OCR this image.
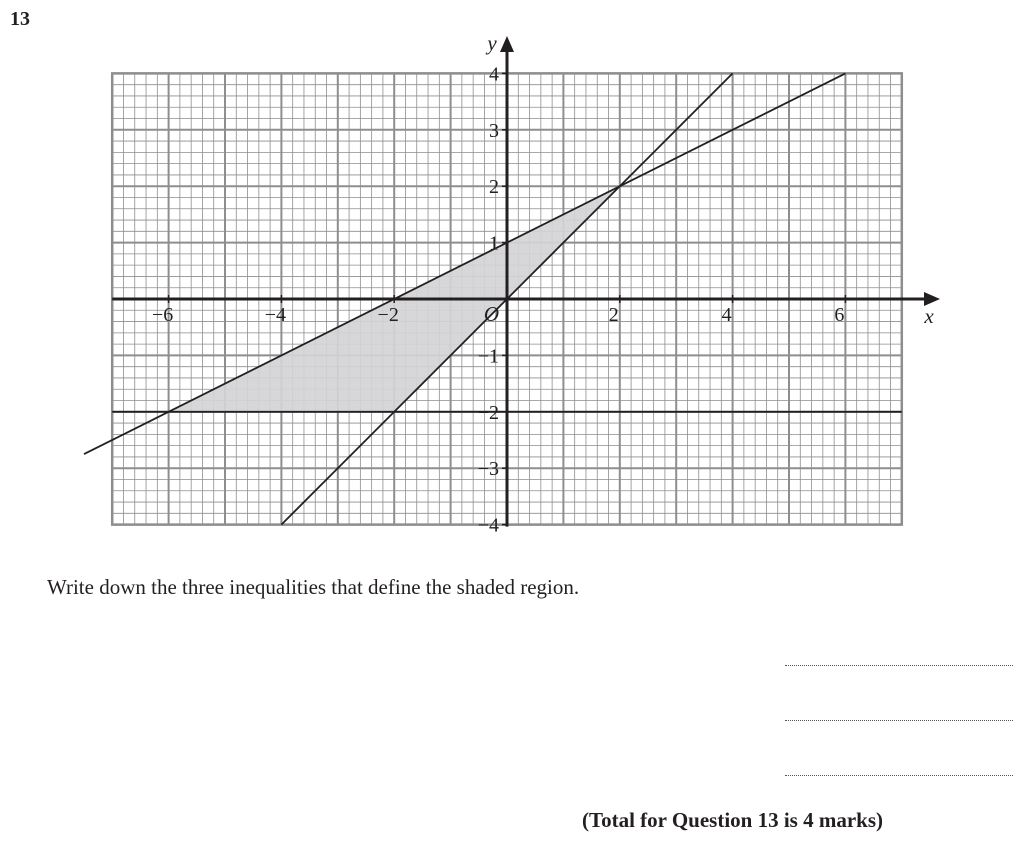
13
−6	−4	−2	2	4	6
4
3
2
1
−1
−2
−3
−4
O	x
y
Write down the three inequalities that define the shaded region.
(Total for Question 13 is 4 marks)
